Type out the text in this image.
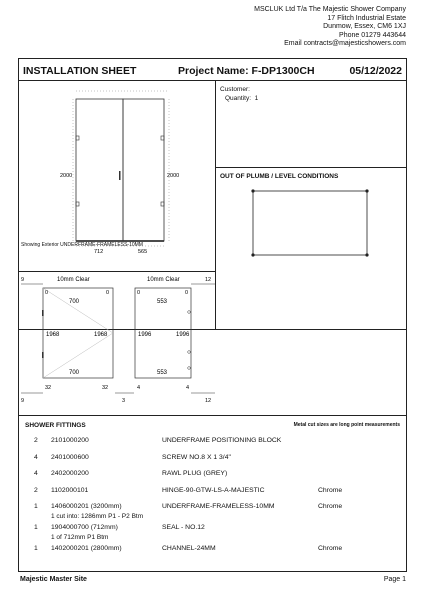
MSCLUK Ltd T/a The Majestic Shower Company
17 Flitch Industrial Estate
Dunmow, Essex, CM6 1XJ
Phone 01279 443644
Email contracts@majesticshowers.com
INSTALLATION SHEET	Project Name: F-DP1300CH	05/12/2022
2000	2000
712	565
Showing Exterior UNDERFRAME-FRAMELESS-10MM
Customer:
Quantity: 1
OUT OF PLUMB / LEVEL CONDITIONS
10mm Clear
9
0	0
700
1968	1968
700
32	32
9	3
10mm Clear	12
0	0
553
1996	1996
553
4	4
12
SHOWER FITTINGS	Metal cut sizes are long point measurements
2 2101000200	UNDERFRAME POSITIONING BLOCK
4 2401000600	SCREW NO.8 X 1 3/4"
4 2402000200	RAWL PLUG (GREY)
2 1102000101	HINGE-90-GTW-LS-A-MAJESTIC	Chrome
1 1406000201 (3200mm)	UNDERFRAME-FRAMELESS-10MM	Chrome
1 cut into: 1286mm P1 - P2 Btm
1 1904000700 (712mm)	SEAL - NO.12
1 of 712mm P1 Btm
1 1402000201 (2800mm)	CHANNEL-24MM	Chrome
Majestic Master Site	Page 1
